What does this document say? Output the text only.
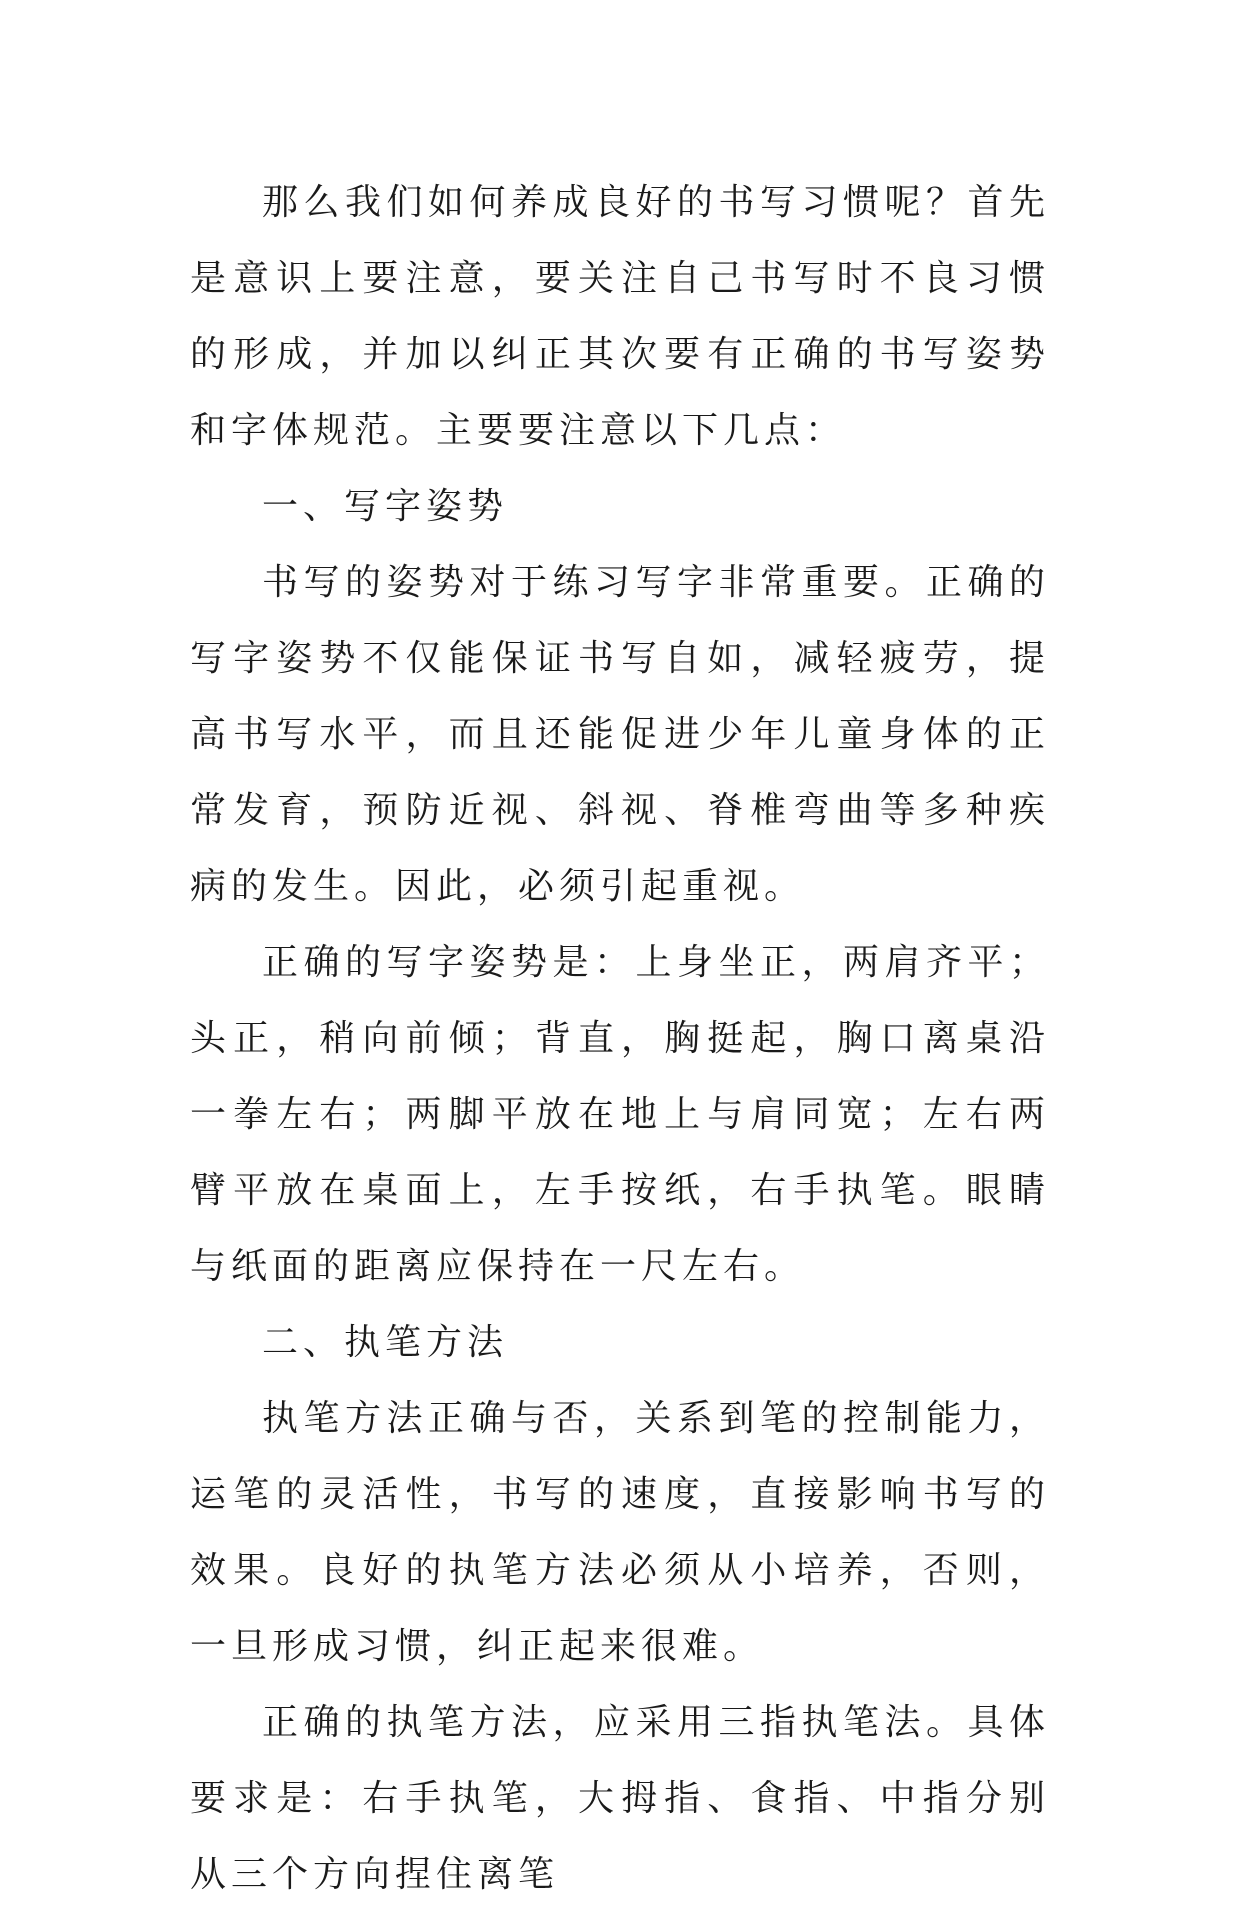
那么我们如何养成良好的书写习惯呢？首先是意识上要注意，要关注自己书写时不良习惯的形成，并加以纠正其次要有正确的书写姿势和字体规范。主要要注意以下几点：

一、写字姿势

书写的姿势对于练习写字非常重要。正确的写字姿势不仅能保证书写自如，减轻疲劳，提高书写水平，而且还能促进少年儿童身体的正常发育，预防近视、斜视、脊椎弯曲等多种疾病的发生。因此，必须引起重视。

正确的写字姿势是：上身坐正，两肩齐平；头正，稍向前倾；背直，胸挺起，胸口离桌沿一拳左右；两脚平放在地上与肩同宽；左右两臂平放在桌面上，左手按纸，右手执笔。眼睛与纸面的距离应保持在一尺左右。

二、执笔方法

执笔方法正确与否，关系到笔的控制能力，运笔的灵活性，书写的速度，直接影响书写的效果。良好的执笔方法必须从小培养，否则，一旦形成习惯，纠正起来很难。

正确的执笔方法，应采用三指执笔法。具体要求是：右手执笔，大拇指、食指、中指分别从三个方向捏住离笔
